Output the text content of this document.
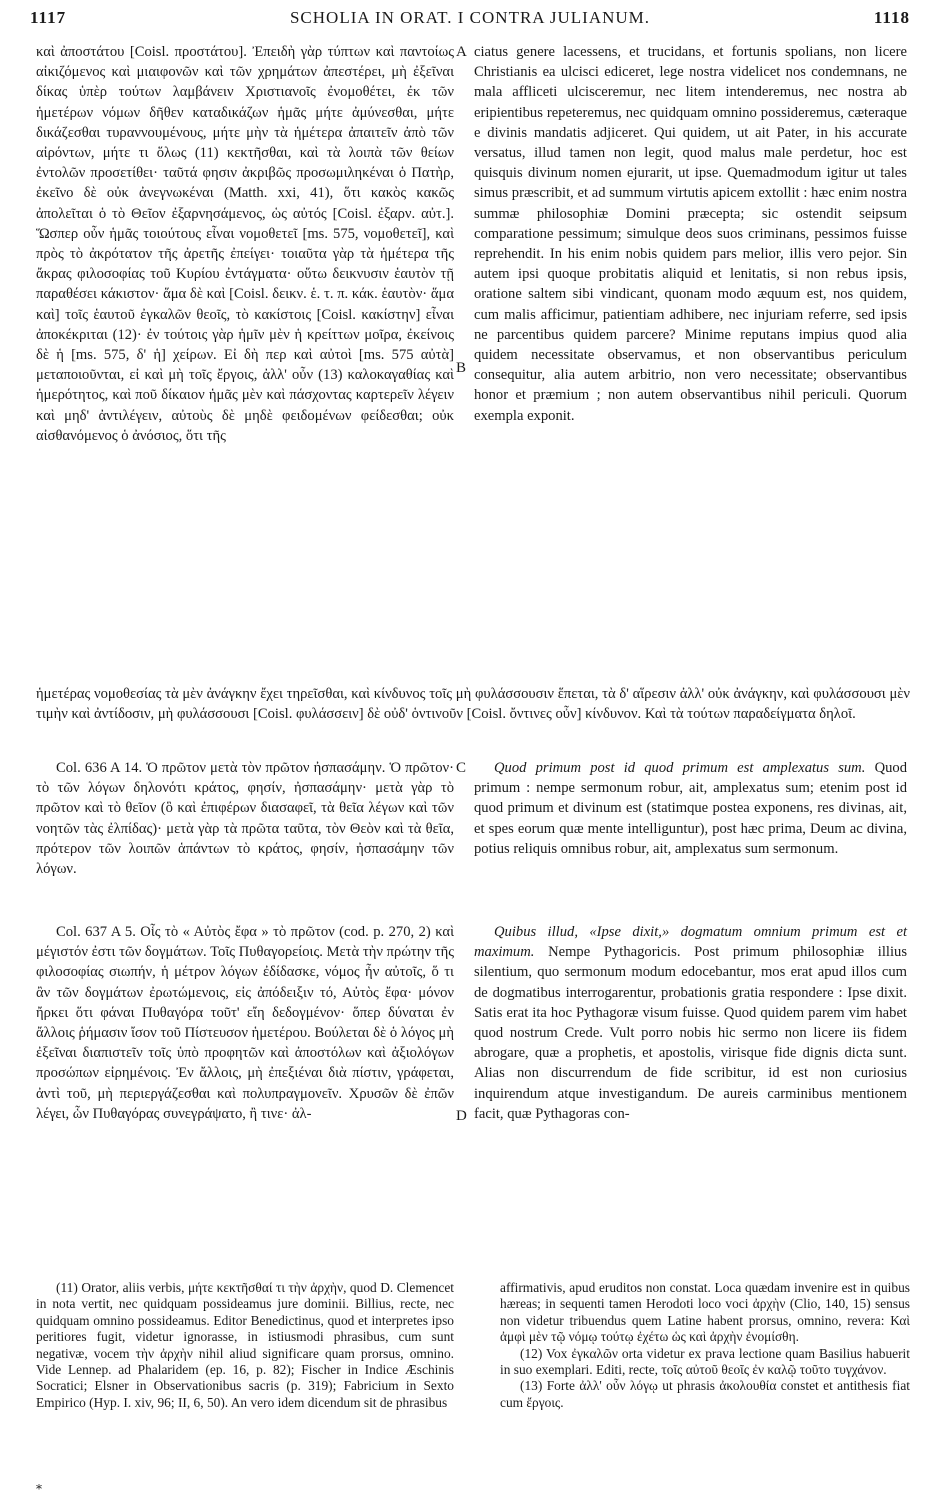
1117	SCHOLIA IN ORAT. I CONTRA JULIANUM.	1118

καὶ ἀποστάτου [Coisl. προστάτου]. Ἐπειδὴ γὰρ τύπτων καὶ παντοίως αἰκιζόμενος καὶ μιαιφονῶν καὶ τῶν χρημάτων ἀπεστέρει, μὴ ἐξεῖναι δίκας ὑπὲρ τούτων λαμβάνειν Χριστιανοῖς ἐνομοθέτει, ἐκ τῶν ἡμετέρων νόμων δῆθεν καταδικάζων ἡμᾶς μήτε ἀμύνεσθαι, μήτε δικάζεσθαι τυραννουμένους, μήτε μὴν τὰ ἡμέτερα ἀπαιτεῖν ἀπὸ τῶν αἰρόντων, μήτε τι ὅλως (11) κεκτῆσθαι, καὶ τὰ λοιπὰ τῶν θείων ἐντολῶν προσετίθει· ταῦτά φησιν ἀκριβῶς προσωμιληκέναι ὁ Πατὴρ, ἐκεῖνο δὲ οὐκ ἀνεγνωκέναι (Matth. xxi, 41), ὅτι κακὸς κακῶς ἀπολεῖται ὁ τὸ Θεῖον ἐξαρνησάμενος, ὡς αὐτός [Coisl. ἐξαρν. αὐτ.]. Ὥσπερ οὖν ἡμᾶς τοιούτους εἶναι νομοθετεῖ [ms. 575, νομοθετεῖ], καὶ πρὸς τὸ ἀκρότατον τῆς ἀρετῆς ἐπείγει· τοιαῦτα γὰρ τὰ ἡμέτερα τῆς ἄκρας φιλοσοφίας τοῦ Κυρίου ἐντάγματα· οὕτω δεικνυσιν ἑαυτὸν τῇ παραθέσει κάκιστον· ἅμα δὲ καὶ [Coisl. δεικν. ἑ. τ. π. κάκ. ἑαυτὸν· ἅμα καὶ] τοῖς ἑαυτοῦ ἐγκαλῶν θεοῖς, τὸ κακίστοις [Coisl. κακίστην] εἶναι ἀποκέκριται (12)· ἐν τούτοις γὰρ ἡμῖν μὲν ἡ κρείττων μοῖρα, ἐκείνοις δὲ ἡ [ms. 575, δ' ἡ] χείρων. Εἰ δὴ περ καὶ αὐτοὶ [ms. 575 αὐτὰ] μεταποιοῦνται, εἰ καὶ μὴ τοῖς ἔργοις, ἀλλ' οὖν (13) καλοκαγαθίας καὶ ἡμερότητος, καὶ ποῦ δίκαιον ἡμᾶς μὲν καὶ πάσχοντας καρτερεῖν λέγειν καὶ μηδ' ἀντιλέγειν, αὐτοὺς δὲ μηδὲ φειδομένων φείδεσθαι; οὐκ αἰσθανόμενος ὁ ἀνόσιος, ὅτι τῆς

Col. 636 A 14. Ὁ πρῶτον μετὰ τὸν πρῶτον ἠσπασάμην. Ὁ πρῶτον· τὸ τῶν λόγων δηλονότι κράτος, φησίν, ἠσπασάμην· μετὰ γὰρ τὸ πρῶτον καὶ τὸ θεῖον (ὃ καὶ ἐπιφέρων διασαφεῖ, τὰ θεῖα λέγων καὶ τῶν νοητῶν τὰς ἐλπίδας)· μετὰ γὰρ τὰ πρῶτα ταῦτα, τὸν Θεὸν καὶ τὰ θεῖα, πρότερον τῶν λοιπῶν ἁπάντων τὸ κράτος, φησίν, ἠσπασάμην τῶν λόγων.

Col. 637 A 5. Οἷς τὸ « Αὐτὸς ἔφα » τὸ πρῶτον (cod. p. 270, 2) καὶ μέγιστόν ἐστι τῶν δογμάτων. Τοῖς Πυθαγορείοις. Μετὰ τὴν πρώτην τῆς φιλοσοφίας σιωπήν, ἡ μέτρον λόγων ἐδίδασκε, νόμος ἦν αὐτοῖς, ὅ τι ἂν τῶν δογμάτων ἐρωτώμενοις, εἰς ἀπόδειξιν τό, Αὐτὸς ἔφα· μόνον ἤρκει ὅτι φάναι Πυθαγόρα τοῦτ' εἴη δεδογμένον· ὅπερ δύναται ἐν ἄλλοις ῥήμασιν ἴσον τοῦ Πίστευσον ἡμετέρου. Βούλεται δὲ ὁ λόγος μὴ ἐξεῖναι διαπιστεῖν τοῖς ὑπὸ προφητῶν καὶ ἀποστόλων καὶ ἀξιολόγων προσώπων εἰρημένοις. Ἐν ἄλλοις, μὴ ἐπεξιέναι διὰ πίστιν, γράφεται, ἀντὶ τοῦ, μὴ περιεργάζεσθαι καὶ πολυπραγμονεῖν. Χρυσῶν δὲ ἐπῶν λέγει, ὧν Πυθαγόρας συνεγράψατο, ἢ τινε· ἀλ-

A
B
C
D

ciatus genere lacessens, et trucidans, et fortunis spolians, non licere Christianis ea ulcisci ediceret, lege nostra videlicet nos condemnans, ne mala affliceti ulcisceremur, nec litem intenderemus, nec nostra ab eripientibus repeteremus, nec quidquam omnino possideremus, cæteraque e divinis mandatis adjiceret. Qui quidem, ut ait Pater, in his accurate versatus, illud tamen non legit, quod malus male perdetur, hoc est quisquis divinum nomen ejurarit, ut ipse. Quemadmodum igitur ut tales simus præscribit, et ad summum virtutis apicem extollit : hæc enim nostra summæ philosophiæ Domini præcepta; sic ostendit seipsum comparatione pessimum; simulque deos suos criminans, pessimos fuisse reprehendit. In his enim nobis quidem pars melior, illis vero pejor. Sin autem ipsi quoque probitatis aliquid et lenitatis, si non rebus ipsis, oratione saltem sibi vindicant, quonam modo æquum est, nos quidem, cum malis afficimur, patientiam adhibere, nec injuriam referre, sed ipsis ne parcentibus quidem parcere? Minime reputans impius quod alia quidem necessitate observamus, et non observantibus periculum consequitur, alia autem arbitrio, non vero necessitate; observantibus honor et præmium ; non autem observantibus nihil periculi. Quorum exempla exponit.

ἡμετέρας νομοθεσίας τὰ μὲν ἀνάγκην ἔχει τηρεῖσθαι, καὶ κίνδυνος τοῖς μὴ φυλάσσουσιν ἕπεται, τὰ δ' αἵρεσιν ἀλλ' οὐκ ἀνάγκην, καὶ φυλάσσουσι μὲν τιμὴν καὶ ἀντίδοσιν, μὴ φυλάσσουσι [Coisl. φυλάσσειν] δὲ οὐδ' ὁντινοῦν [Coisl. ὄντινες οὖν] κίνδυνον. Καὶ τὰ τούτων παραδείγματα δηλοῖ.

Quod primum post id quod primum est amplexatus sum. Quod primum : nempe sermonum robur, ait, amplexatus sum; etenim post id quod primum et divinum est (statimque postea exponens, res divinas, ait, et spes eorum quæ mente intelliguntur), post hæc prima, Deum ac divina, potius reliquis omnibus robur, ait, amplexatus sum sermonum.

Quibus illud, «Ipse dixit,» dogmatum omnium primum est et maximum. Nempe Pythagoricis. Post primum philosophiæ illius silentium, quo sermonum modum edocebantur, mos erat apud illos cum de dogmatibus interrogarentur, probationis gratia respondere : Ipse dixit. Satis erat ita hoc Pythagoræ visum fuisse. Quod quidem parem vim habet quod nostrum Crede. Vult porro nobis hic sermo non licere iis fidem abrogare, quæ a prophetis, et apostolis, virisque fide dignis dicta sunt. Alias non discurrendum de fide scribitur, id est non curiosius inquirendum atque investigandum. De aureis carminibus mentionem facit, quæ Pythagoras con-

(11) Orator, aliis verbis, μήτε κεκτῆσθαί τι τὴν ἀρχὴν, quod D. Clemencet in nota vertit, nec quidquam possideamus jure dominii. Billius, recte, nec quidquam omnino possideamus. Editor Benedictinus, quod et interpretes ipso peritiores fugit, videtur ignorasse, in istiusmodi phrasibus, cum sunt negativæ, vocem τὴν ἀρχὴν nihil aliud significare quam prorsus, omnino. Vide Lennep. ad Phalaridem (ep. 16, p. 82); Fischer in Indice Æschinis Socratici; Elsner in Observationibus sacris (p. 319); Fabricium in Sexto Empirico (Hyp. I. xiv, 96; II, 6, 50). An vero idem dicendum sit de phrasibus

affirmativis, apud eruditos non constat. Loca quædam invenire est in quibus hæreas; in sequenti tamen Herodoti loco voci ἀρχὴν (Clio, 140, 15) sensus non videtur tribuendus quem Latine habent prorsus, omnino, revera: Καὶ ἀμφὶ μὲν τῷ νόμῳ τούτῳ ἐχέτω ὡς καὶ ἀρχὴν ἐνομίσθη.

(12) Vox ἐγκαλῶν orta videtur ex prava lectione quam Basilius habuerit in suo exemplari. Editi, recte, τοῖς αὐτοῦ θεοῖς ἐν καλῷ τοῦτο τυγχάνον.

(13) Forte ἀλλ' οὖν λόγῳ ut phrasis ἀκολουθία constet et antithesis fiat cum ἔργοις.

*
